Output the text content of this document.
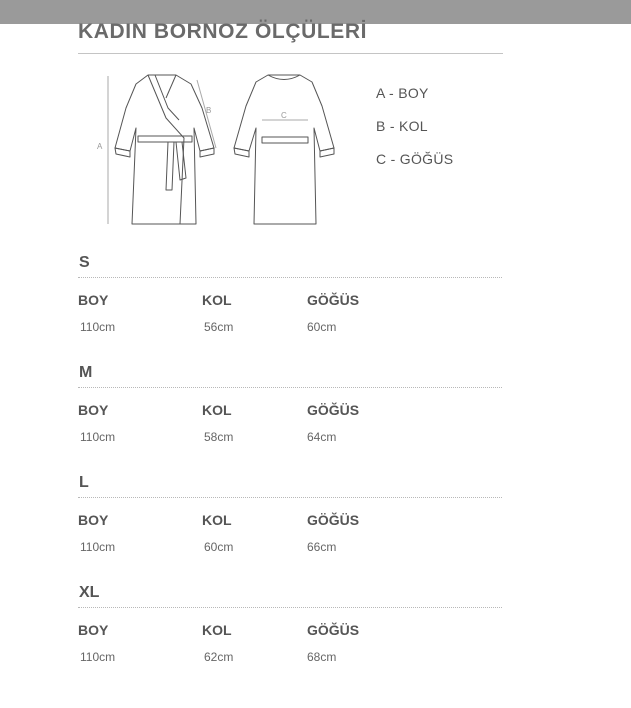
KADIN BORNOZ ÖLÇÜLERİ
A
B
C
A - BOY
B - KOL
C - GÖĞÜS
S
BOY	KOL	GÖĞÜS
110cm	56cm	60cm
M
BOY	KOL	GÖĞÜS
110cm	58cm	64cm
L
BOY	KOL	GÖĞÜS
110cm	60cm	66cm
XL
BOY	KOL	GÖĞÜS
110cm	62cm	68cm
